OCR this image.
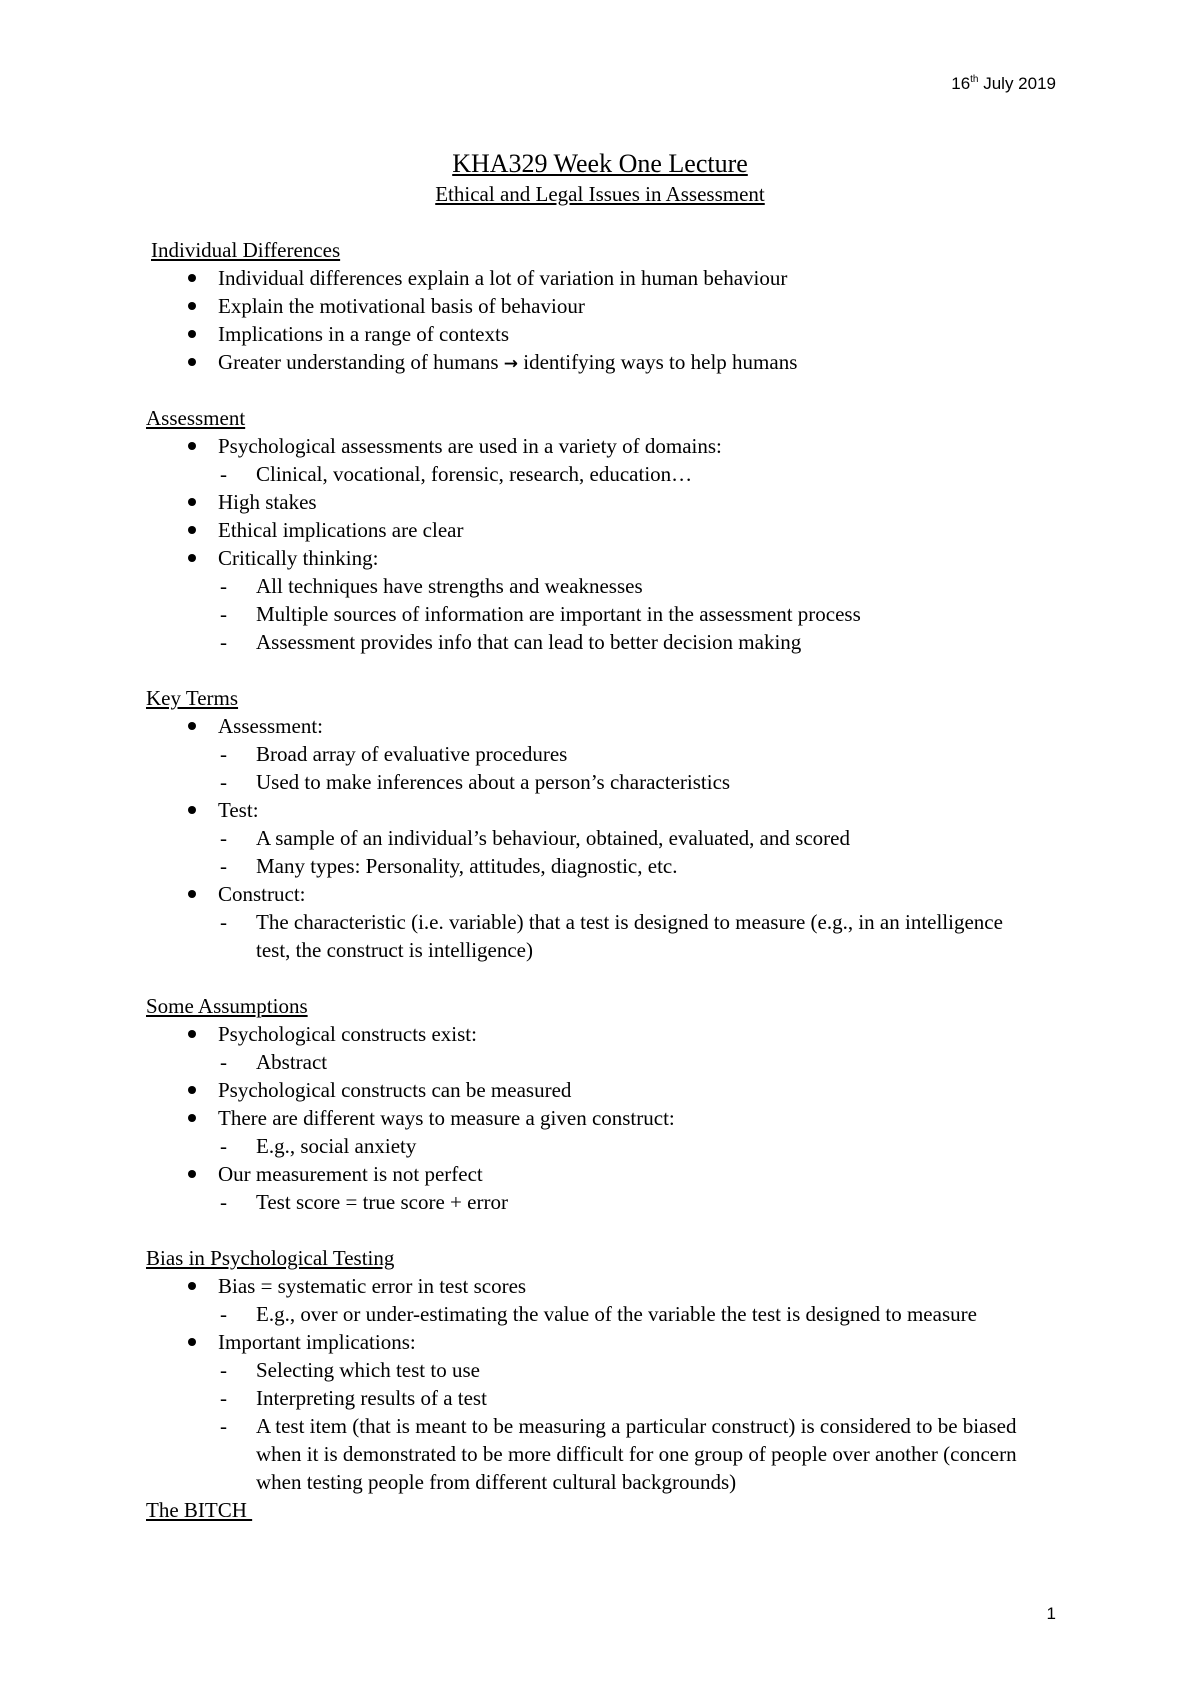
16th July 2019
KHA329 Week One Lecture
Ethical and Legal Issues in Assessment
Individual Differences
Individual differences explain a lot of variation in human behaviour
Explain the motivational basis of behaviour
Implications in a range of contexts
Greater understanding of humans → identifying ways to help humans
Assessment
Psychological assessments are used in a variety of domains:
- Clinical, vocational, forensic, research, education…
High stakes
Ethical implications are clear
Critically thinking:
- All techniques have strengths and weaknesses
- Multiple sources of information are important in the assessment process
- Assessment provides info that can lead to better decision making
Key Terms
Assessment:
- Broad array of evaluative procedures
- Used to make inferences about a person’s characteristics
Test:
- A sample of an individual’s behaviour, obtained, evaluated, and scored
- Many types: Personality, attitudes, diagnostic, etc.
Construct:
- The characteristic (i.e. variable) that a test is designed to measure (e.g., in an intelligence test, the construct is intelligence)
Some Assumptions
Psychological constructs exist:
- Abstract
Psychological constructs can be measured
There are different ways to measure a given construct:
- E.g., social anxiety
Our measurement is not perfect
- Test score = true score + error
Bias in Psychological Testing
Bias = systematic error in test scores
- E.g., over or under-estimating the value of the variable the test is designed to measure
Important implications:
- Selecting which test to use
- Interpreting results of a test
- A test item (that is meant to be measuring a particular construct) is considered to be biased when it is demonstrated to be more difficult for one group of people over another (concern when testing people from different cultural backgrounds)
The BITCH
1
